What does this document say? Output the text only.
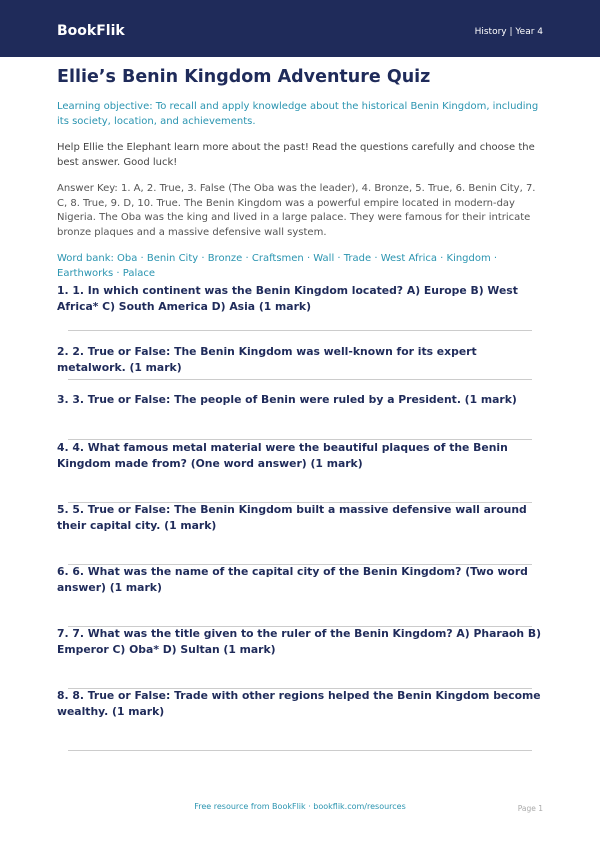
BookFlik	History | Year 4
Ellie’s Benin Kingdom Adventure Quiz

Learning objective: To recall and apply knowledge about the historical Benin Kingdom, including its society, location, and achievements.

Help Ellie the Elephant learn more about the past! Read the questions carefully and choose the best answer. Good luck!

Answer Key: 1. A, 2. True, 3. False (The Oba was the leader), 4. Bronze, 5. True, 6. Benin City, 7. C, 8. True, 9. D, 10. True. The Benin Kingdom was a powerful empire located in modern-day Nigeria. The Oba was the king and lived in a large palace. They were famous for their intricate bronze plaques and a massive defensive wall system.

Word bank: Oba · Benin City · Bronze · Craftsmen · Wall · Trade · West Africa · Kingdom · Earthworks · Palace

1. 1. In which continent was the Benin Kingdom located? A) Europe B) West Africa* C) South America D) Asia (1 mark)
2. 2. True or False: The Benin Kingdom was well-known for its expert metalwork. (1 mark)
3. 3. True or False: The people of Benin were ruled by a President. (1 mark)
4. 4. What famous metal material were the beautiful plaques of the Benin Kingdom made from? (One word answer) (1 mark)
5. 5. True or False: The Benin Kingdom built a massive defensive wall around their capital city. (1 mark)
6. 6. What was the name of the capital city of the Benin Kingdom? (Two word answer) (1 mark)
7. 7. What was the title given to the ruler of the Benin Kingdom? A) Pharaoh B) Emperor C) Oba* D) Sultan (1 mark)
8. 8. True or False: Trade with other regions helped the Benin Kingdom become wealthy. (1 mark)
Free resource from BookFlik · bookflik.com/resources	Page 1
